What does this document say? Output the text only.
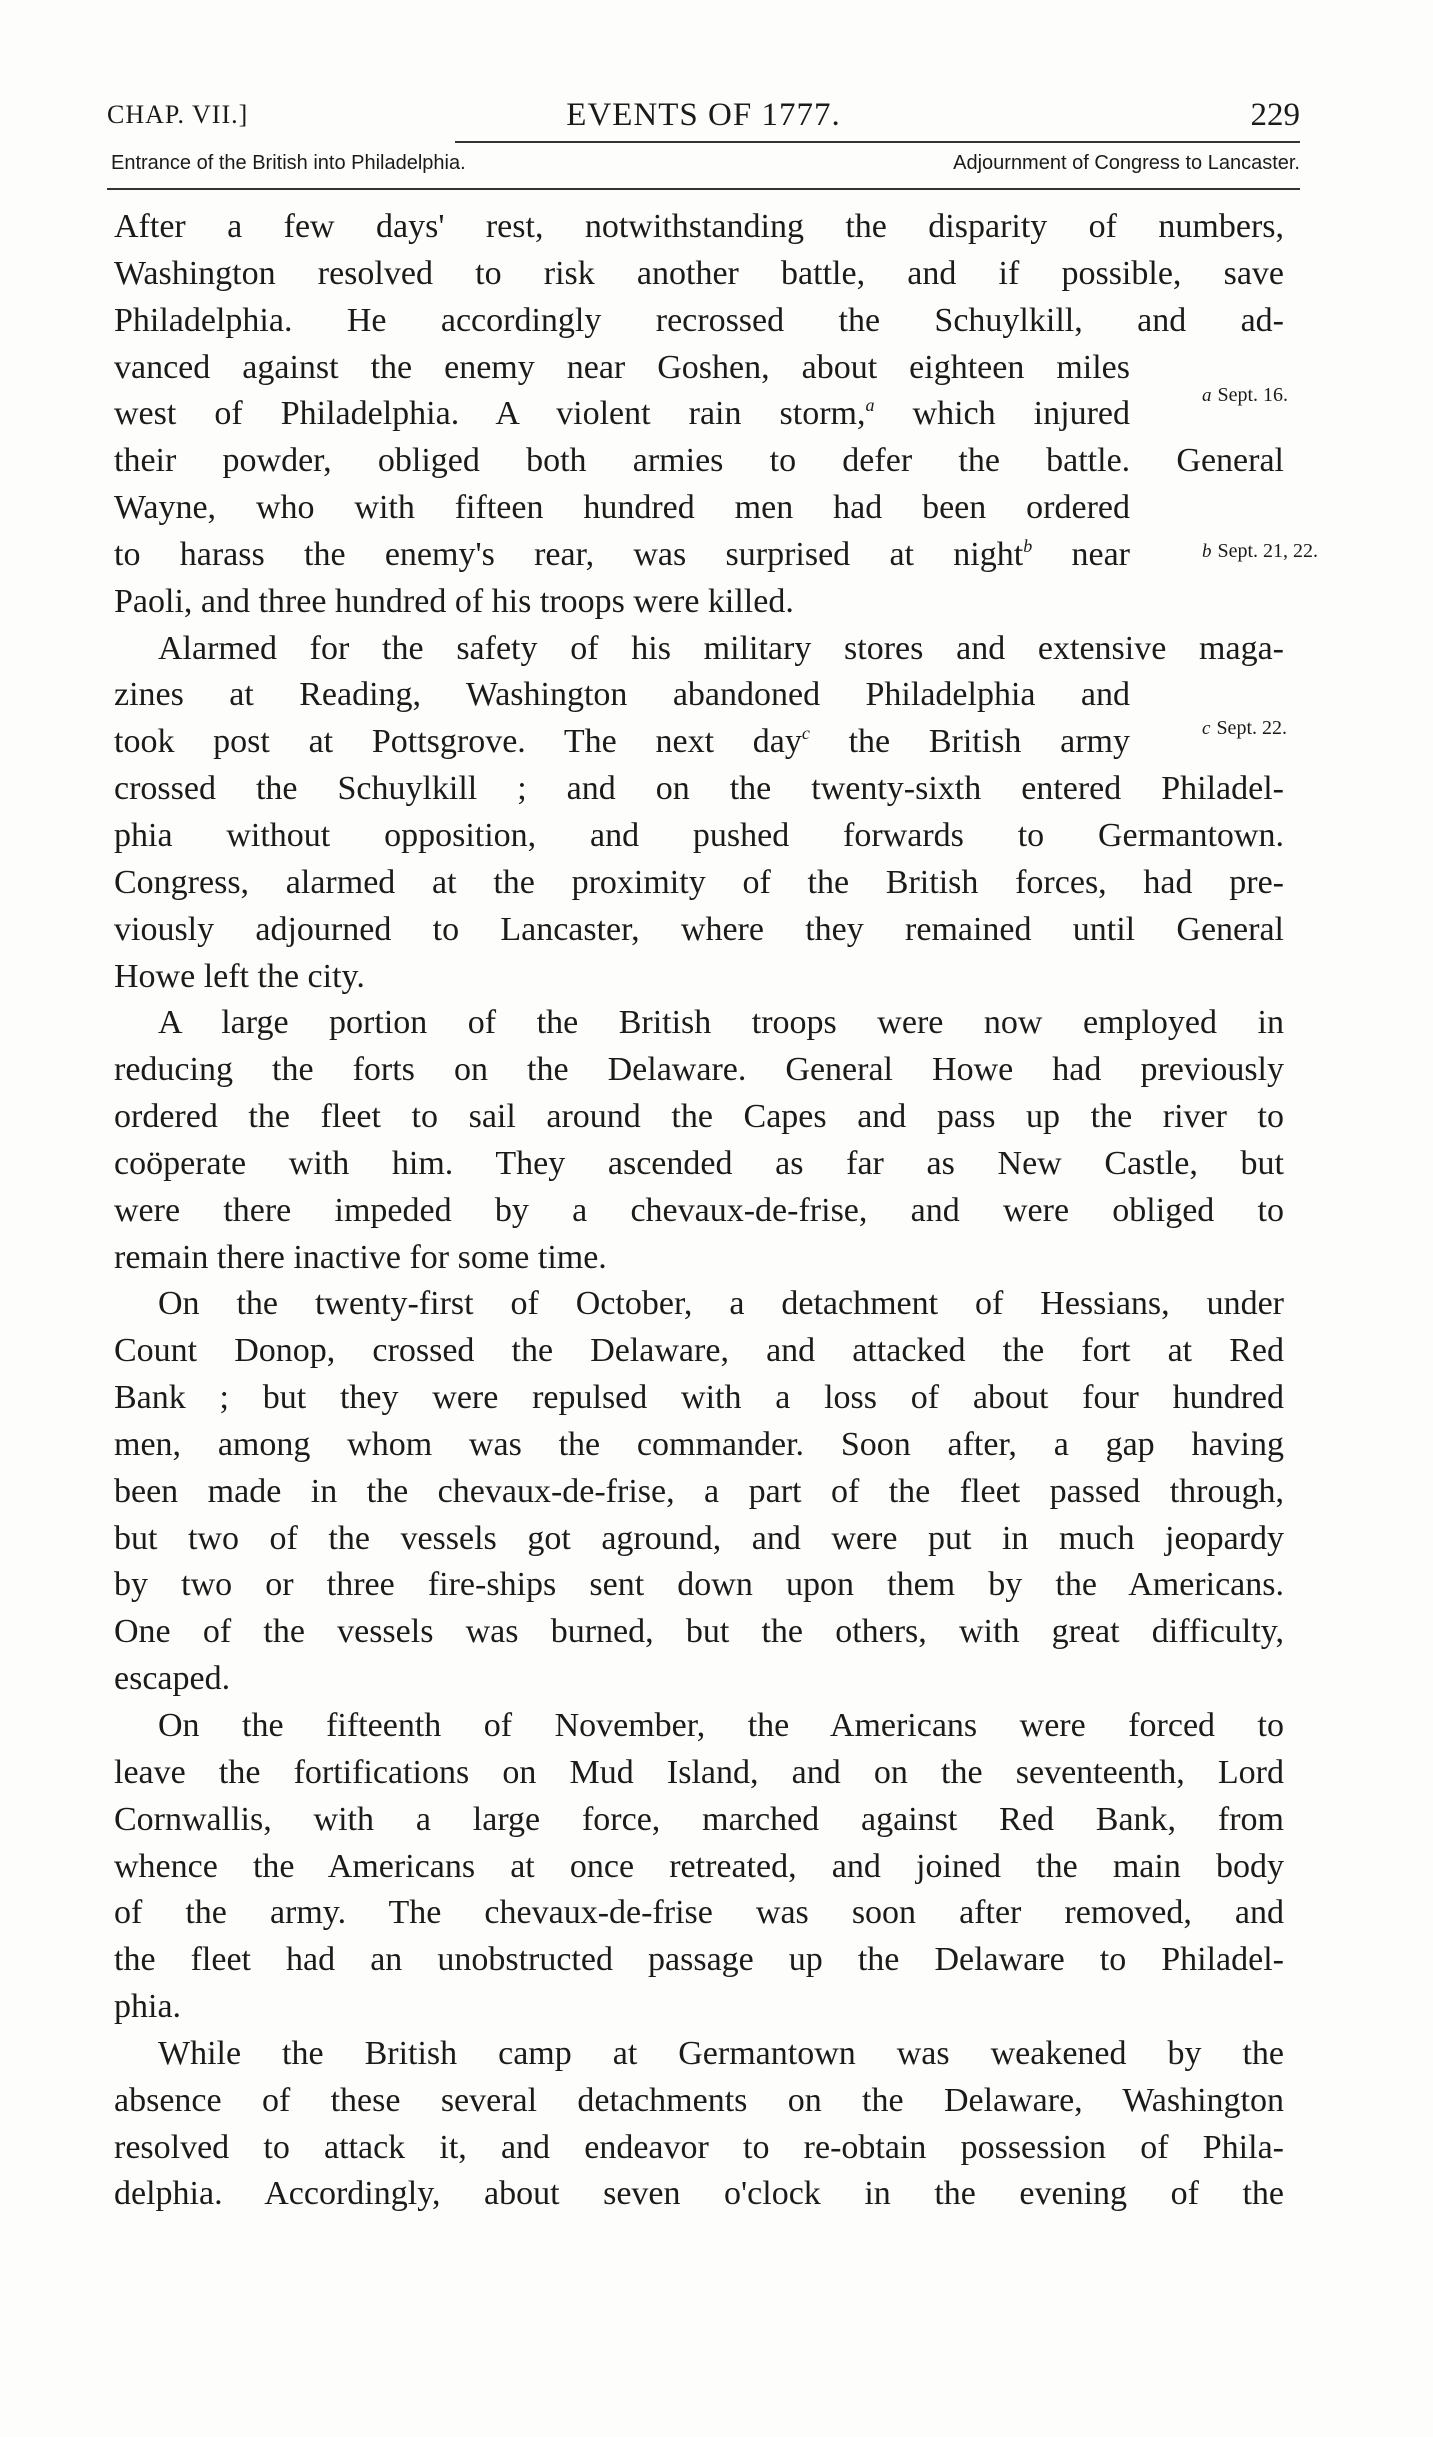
CHAP. VII.]	EVENTS OF 1777.	229
Entrance of the British into Philadelphia.	Adjournment of Congress to Lancaster.
After a few days' rest, notwithstanding the disparity of numbers,
Washington resolved to risk another battle, and if possible, save
Philadelphia. He accordingly recrossed the Schuylkill, and ad-
vanced against the enemy near Goshen, about eighteen miles
west of Philadelphia. A violent rain storm,$^a$ which injured
their powder, obliged both armies to defer the battle. General
Wayne, who with fifteen hundred men had been ordered
to harass the enemy's rear, was surprised at night$^b$ near
Paoli, and three hundred of his troops were killed.
Alarmed for the safety of his military stores and extensive maga-
zines at Reading, Washington abandoned Philadelphia and
took post at Pottsgrove. The next day$^c$ the British army
crossed the Schuylkill ; and on the twenty-sixth entered Philadel-
phia without opposition, and pushed forwards to Germantown.
Congress, alarmed at the proximity of the British forces, had pre-
viously adjourned to Lancaster, where they remained until General
Howe left the city.
A large portion of the British troops were now employed in
reducing the forts on the Delaware. General Howe had previously
ordered the fleet to sail around the Capes and pass up the river to
coöperate with him. They ascended as far as New Castle, but
were there impeded by a chevaux-de-frise, and were obliged to
remain there inactive for some time.
On the twenty-first of October, a detachment of Hessians, under
Count Donop, crossed the Delaware, and attacked the fort at Red
Bank ; but they were repulsed with a loss of about four hundred
men, among whom was the commander. Soon after, a gap having
been made in the chevaux-de-frise, a part of the fleet passed through,
but two of the vessels got aground, and were put in much jeopardy
by two or three fire-ships sent down upon them by the Americans.
One of the vessels was burned, but the others, with great difficulty,
escaped.
On the fifteenth of November, the Americans were forced to
leave the fortifications on Mud Island, and on the seventeenth, Lord
Cornwallis, with a large force, marched against Red Bank, from
whence the Americans at once retreated, and joined the main body
of the army. The chevaux-de-frise was soon after removed, and
the fleet had an unobstructed passage up the Delaware to Philadel-
phia.
While the British camp at Germantown was weakened by the
absence of these several detachments on the Delaware, Washington
resolved to attack it, and endeavor to re-obtain possession of Phila-
delphia. Accordingly, about seven o'clock in the evening of the
a Sept. 16.
b Sept. 21, 22.
c Sept. 22.
